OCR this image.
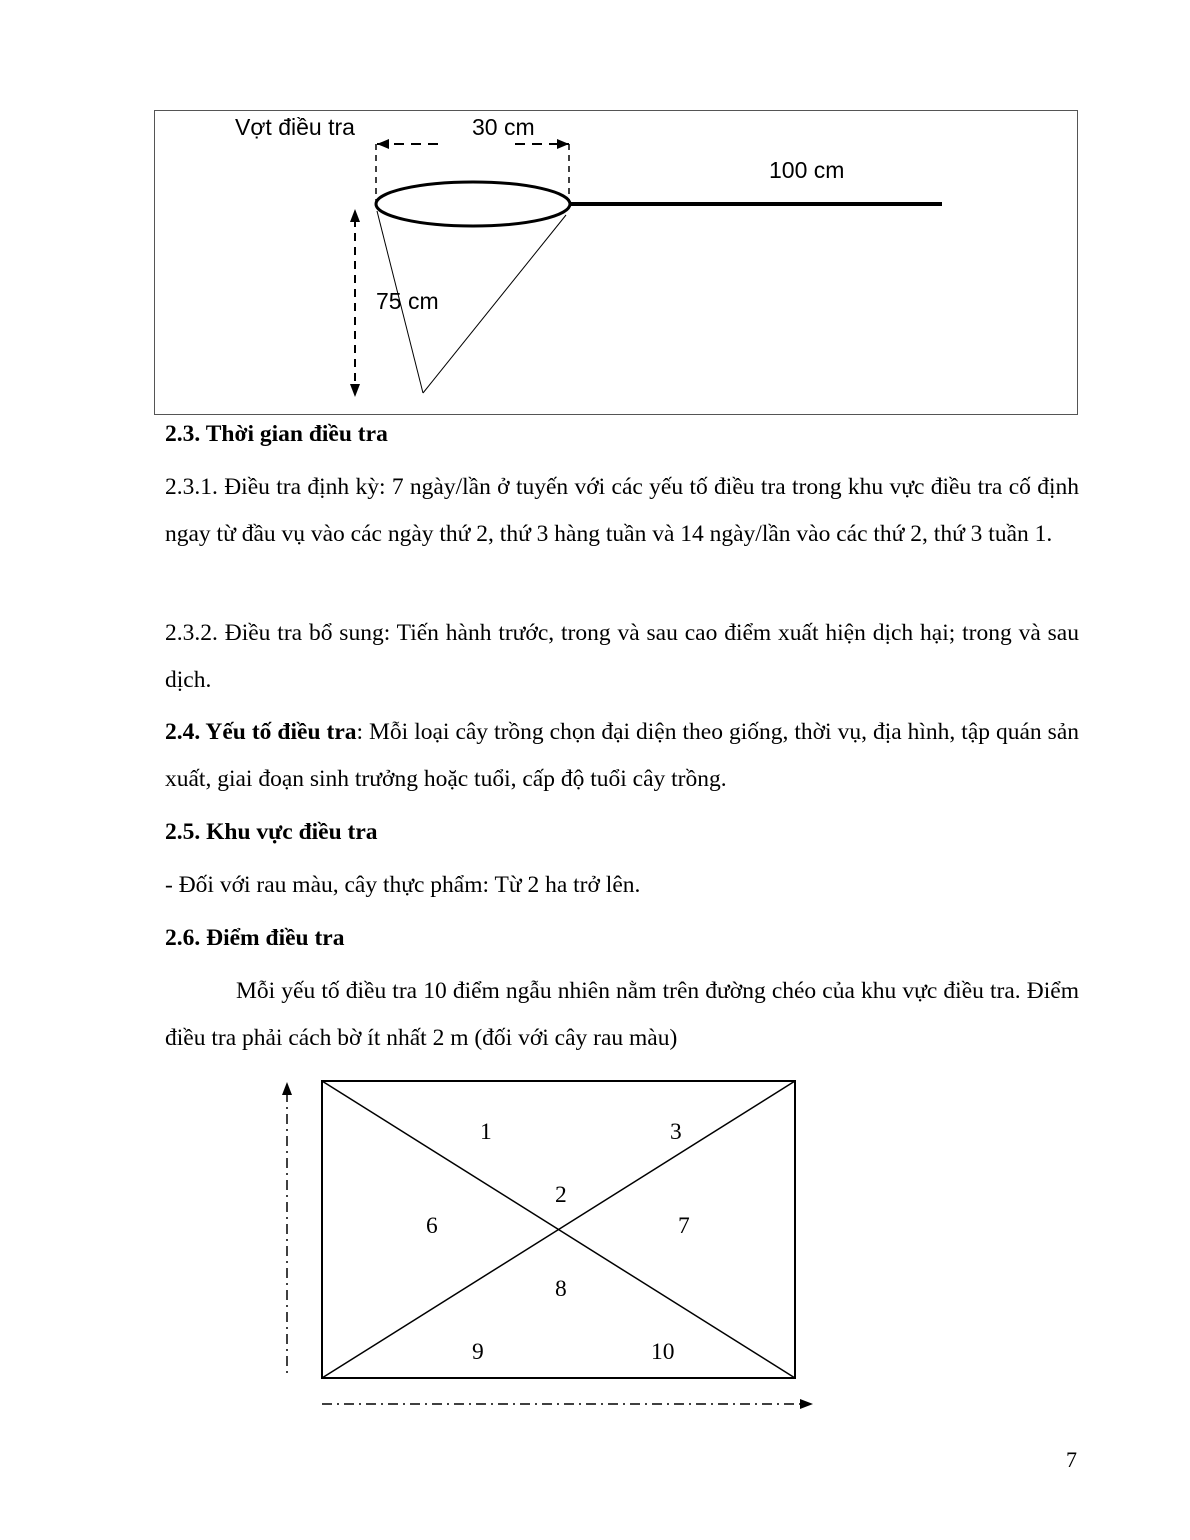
Vợt điều tra	30 cm
100 cm
75 cm

2.3. Thời gian điều tra

2.3.1. Điều tra định kỳ: 7 ngày/lần ở tuyến với các yếu tố điều tra trong khu vực điều tra cố định ngay từ đầu vụ vào các ngày thứ 2, thứ 3 hàng tuần và 14 ngày/lần vào các thứ 2, thứ 3 tuần 1.

2.3.2. Điều tra bổ sung: Tiến hành trước, trong và sau cao điểm xuất hiện dịch hại; trong và sau dịch.

2.4. Yếu tố điều tra: Mỗi loại cây trồng chọn đại diện theo giống, thời vụ, địa hình, tập quán sản xuất, giai đoạn sinh trưởng hoặc tuổi, cấp độ tuổi cây trồng.

2.5. Khu vực điều tra

- Đối với rau màu, cây thực phẩm: Từ 2 ha trở lên.

2.6. Điểm điều tra

Mỗi yếu tố điều tra 10 điểm ngẫu nhiên nằm trên đường chéo của khu vực điều tra. Điểm điều tra phải cách bờ ít nhất 2 m (đối với cây rau màu)

1
2
3
6	7
8
9	10
7
